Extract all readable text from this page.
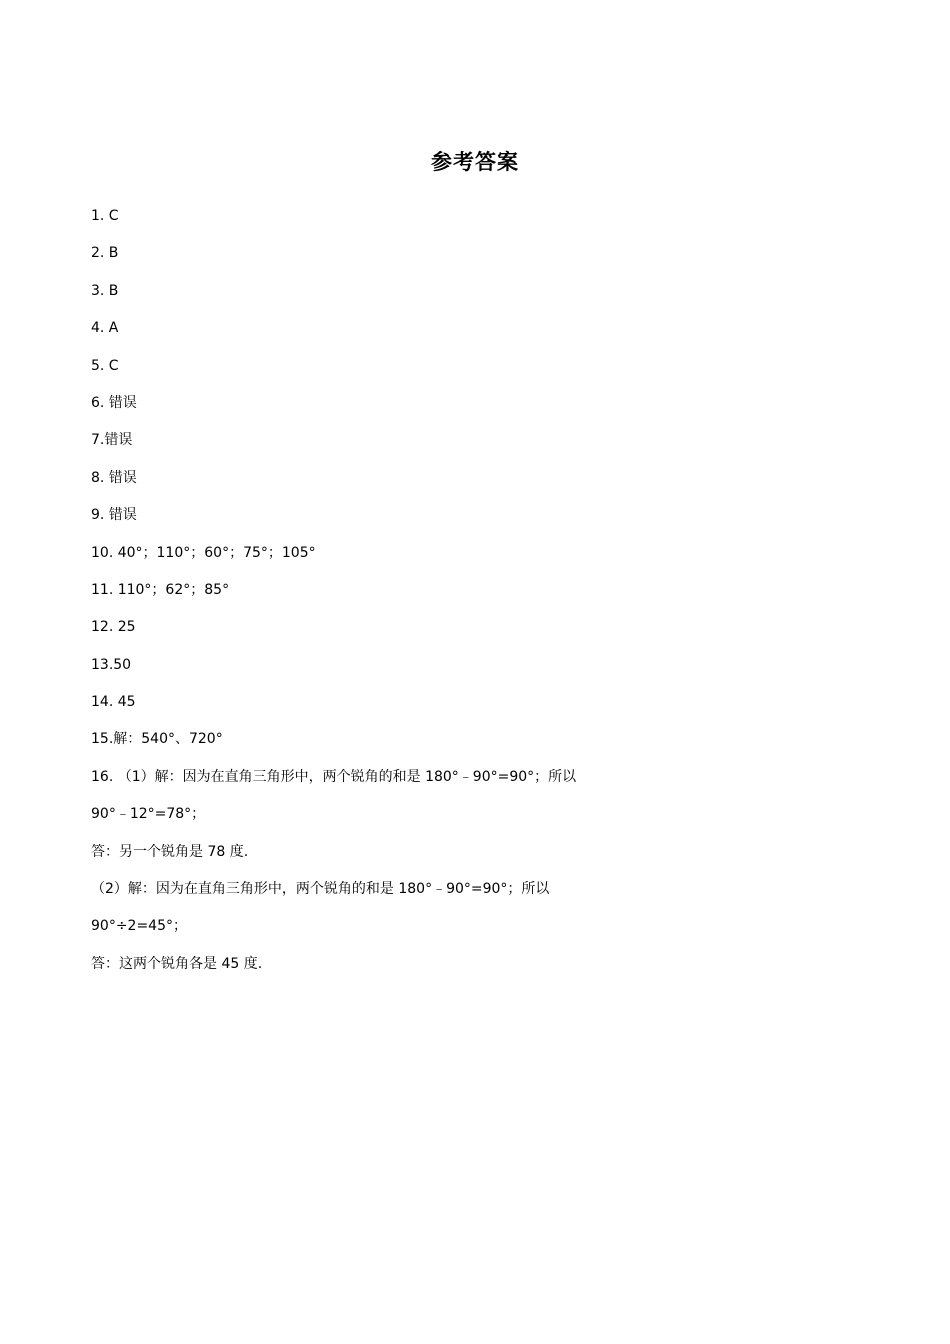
参考答案
1. C
2. B
3. B
4. A
5. C
6. 错误
7.错误
8. 错误
9. 错误
10. 40°；110°；60°；75°；105°
11. 110°；62°；85°
12. 25
13.50
14. 45
15.解：540°、720°
16. （1）解：因为在直角三角形中，两个锐角的和是 180°﹣90°=90°；所以
90°﹣12°=78°；
答：另一个锐角是 78 度.
（2）解：因为在直角三角形中，两个锐角的和是 180°﹣90°=90°；所以
90°÷2=45°；
答：这两个锐角各是 45 度.
